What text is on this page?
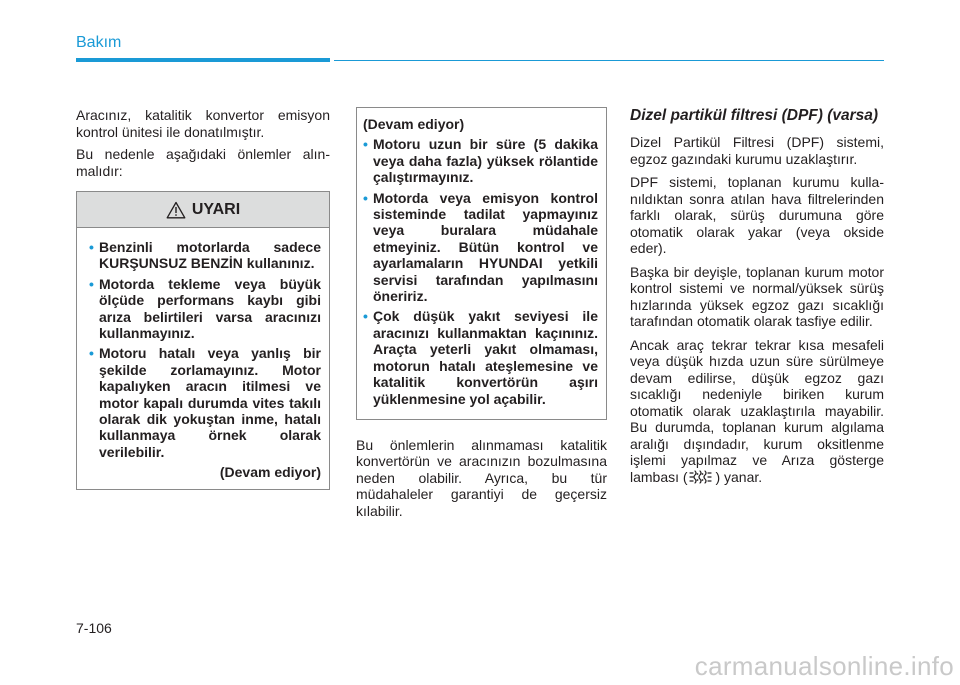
Bakım

Aracınız, katalitik konvertor emisyon kontrol ünitesi ile donatılmıştır.

Bu nedenle aşağıdaki önlemler alınmalıdır:

UYARI
• Benzinli motorlarda sadece KURŞUNSUZ BENZİN kullanınız.
• Motorda tekleme veya büyük ölçüde performans kaybı gibi arıza belirtileri varsa aracınızı kullanmayınız.
• Motoru hatalı veya yanlış bir şekilde zorlamayınız. Motor kapalıyken aracın itilmesi ve motor kapalı durumda vites takılı olarak dik yokuştan inme, hatalı kullanmaya örnek olarak verilebilir.
(Devam ediyor)
(Devam ediyor)
• Motoru uzun bir süre (5 dakika veya daha fazla) yüksek rölantide çalıştırmayınız.
• Motorda veya emisyon kontrol sisteminde tadilat yapmayınız veya buralara müdahale etmeyiniz. Bütün kontrol ve ayarlamaların HYUNDAI yetkili servisi tarafından yapılmasını öneririz.
• Çok düşük yakıt seviyesi ile aracınızı kullanmaktan kaçınınız. Araçta yeterli yakıt olmaması, motorun hatalı ateşlemesine ve katalitik konvertörün aşırı yüklenmesine yol açabilir.

Bu önlemlerin alınmaması katalitik konvertörün ve aracınızın bozulmasına neden olabilir. Ayrıca, bu tür müdahaleler garantiyi de geçersiz kılabilir.

Dizel partikül filtresi (DPF) (varsa)

Dizel Partikül Filtresi (DPF) sistemi, egzoz gazındaki kurumu uzaklaştırır.

DPF sistemi, toplanan kurumu kullanıldıktan sonra atılan hava filtrelerinden farklı olarak, sürüş durumuna göre otomatik olarak yakar (veya okside eder).

Başka bir deyişle, toplanan kurum motor kontrol sistemi ve normal/yüksek sürüş hızlarında yüksek egzoz gazı sıcaklığı tarafından otomatik olarak tasfiye edilir.

Ancak araç tekrar tekrar kısa mesafeli veya düşük hızda uzun süre sürülmeye devam edilirse, düşük egzoz gazı sıcaklığı nedeniyle biriken kurum otomatik olarak uzaklaştırıla mayabilir. Bu durumda, toplanan kurum algılama aralığı dışındadır, kurum oksitlenme işlemi yapılmaz ve Arıza gösterge lambası ( ) yanar.

7-106
carmanualsonline.info
